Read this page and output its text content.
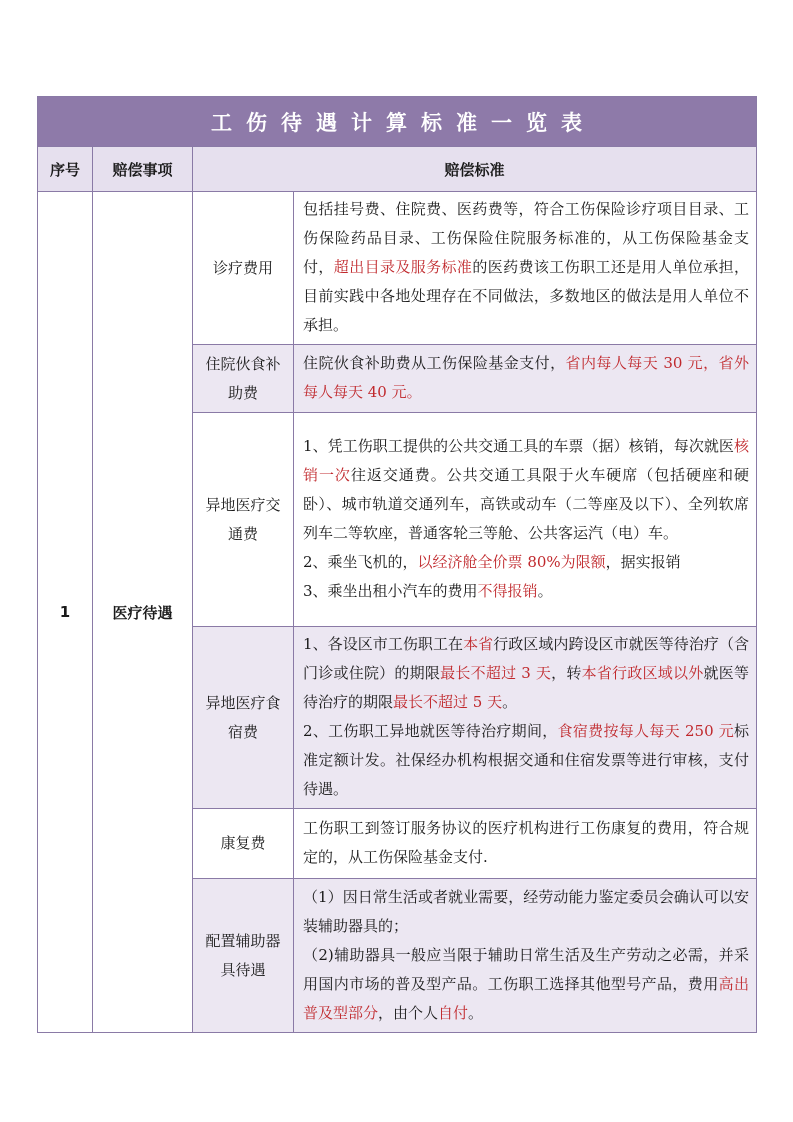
工伤待遇计算标准一览表			
序号	赔偿事项	赔偿标准	
1	医疗待遇	诊疗费用	包括挂号费、住院费、医药费等，符合工伤保险诊疗项目目录、工伤保险药品目录、工伤保险住院服务标准的，从工伤保险基金支付，超出目录及服务标准的医药费该工伤职工还是用人单位承担，目前实践中各地处理存在不同做法，多数地区的做法是用人单位不承担。

		住院伙食补助费	住院伙食补助费从工伤保险基金支付，省内每人每天 30 元，省外每人每天 40 元。

		异地医疗交通费	1、凭工伤职工提供的公共交通工具的车票（据）核销，每次就医核销一次往返交通费。公共交通工具限于火车硬席（包括硬座和硬卧）、城市轨道交通列车，高铁或动车（二等座及以下）、全列软席列车二等软座，普通客轮三等舱、公共客运汽（电）车。

2、乘坐飞机的，以经济舱全价票 80%为限额，据实报销

3、乘坐出租小汽车的费用不得报销。

		异地医疗食宿费	1、各设区市工伤职工在本省行政区域内跨设区市就医等待治疗（含门诊或住院）的期限最长不超过 3 天，转本省行政区域以外就医等待治疗的期限最长不超过 5 天。

2、工伤职工异地就医等待治疗期间，食宿费按每人每天 250 元标准定额计发。社保经办机构根据交通和住宿发票等进行审核，支付待遇。

		康复费	工伤职工到签订服务协议的医疗机构进行工伤康复的费用，符合规定的，从工伤保险基金支付.

		配置辅助器具待遇	（1）因日常生活或者就业需要，经劳动能力鉴定委员会确认可以安装辅助器具的；

（2)辅助器具一般应当限于辅助日常生活及生产劳动之必需，并采用国内市场的普及型产品。工伤职工选择其他型号产品，费用高出普及型部分，由个人自付。
